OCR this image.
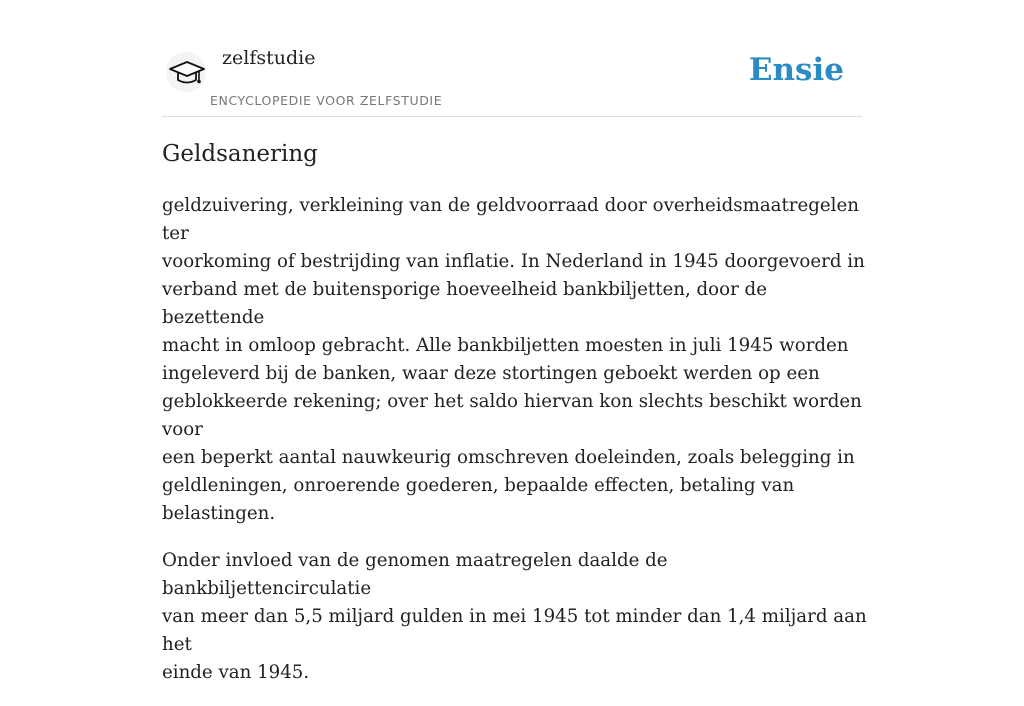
zelfstudie
ENCYCLOPEDIE VOOR ZELFSTUDIE
Ensie
Geldsanering

geldzuivering, verkleining van de geldvoorraad door overheidsmaatregelen ter
voorkoming of bestrijding van inflatie. In Nederland in 1945 doorgevoerd in
verband met de buitensporige hoeveelheid bankbiljetten, door de bezettende
macht in omloop gebracht. Alle bankbiljetten moesten in juli 1945 worden
ingeleverd bij de banken, waar deze stortingen geboekt werden op een
geblokkeerde rekening; over het saldo hiervan kon slechts beschikt worden voor
een beperkt aantal nauwkeurig omschreven doeleinden, zoals belegging in
geldleningen, onroerende goederen, bepaalde effecten, betaling van belastingen.

Onder invloed van de genomen maatregelen daalde de bankbiljettencirculatie
van meer dan 5,5 miljard gulden in mei 1945 tot minder dan 1,4 miljard aan het
einde van 1945.
